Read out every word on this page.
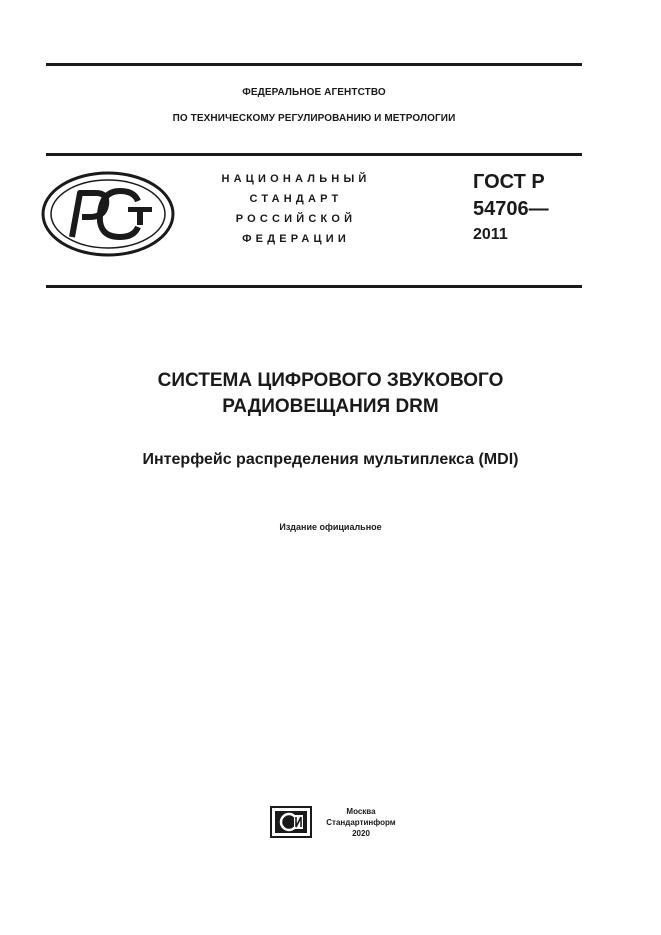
ФЕДЕРАЛЬНОЕ АГЕНТСТВО
ПО ТЕХНИЧЕСКОМУ РЕГУЛИРОВАНИЮ И МЕТРОЛОГИИ
НАЦИОНАЛЬНЫЙ
СТАНДАРТ
РОССИЙСКОЙ
ФЕДЕРАЦИИ
ГОСТ Р
54706—
2011
СИСТЕМА ЦИФРОВОГО ЗВУКОВОГО
РАДИОВЕЩАНИЯ DRM
Интерфейс распределения мультиплекса (MDI)
Издание официальное
Москва
Стандартинформ
2020
